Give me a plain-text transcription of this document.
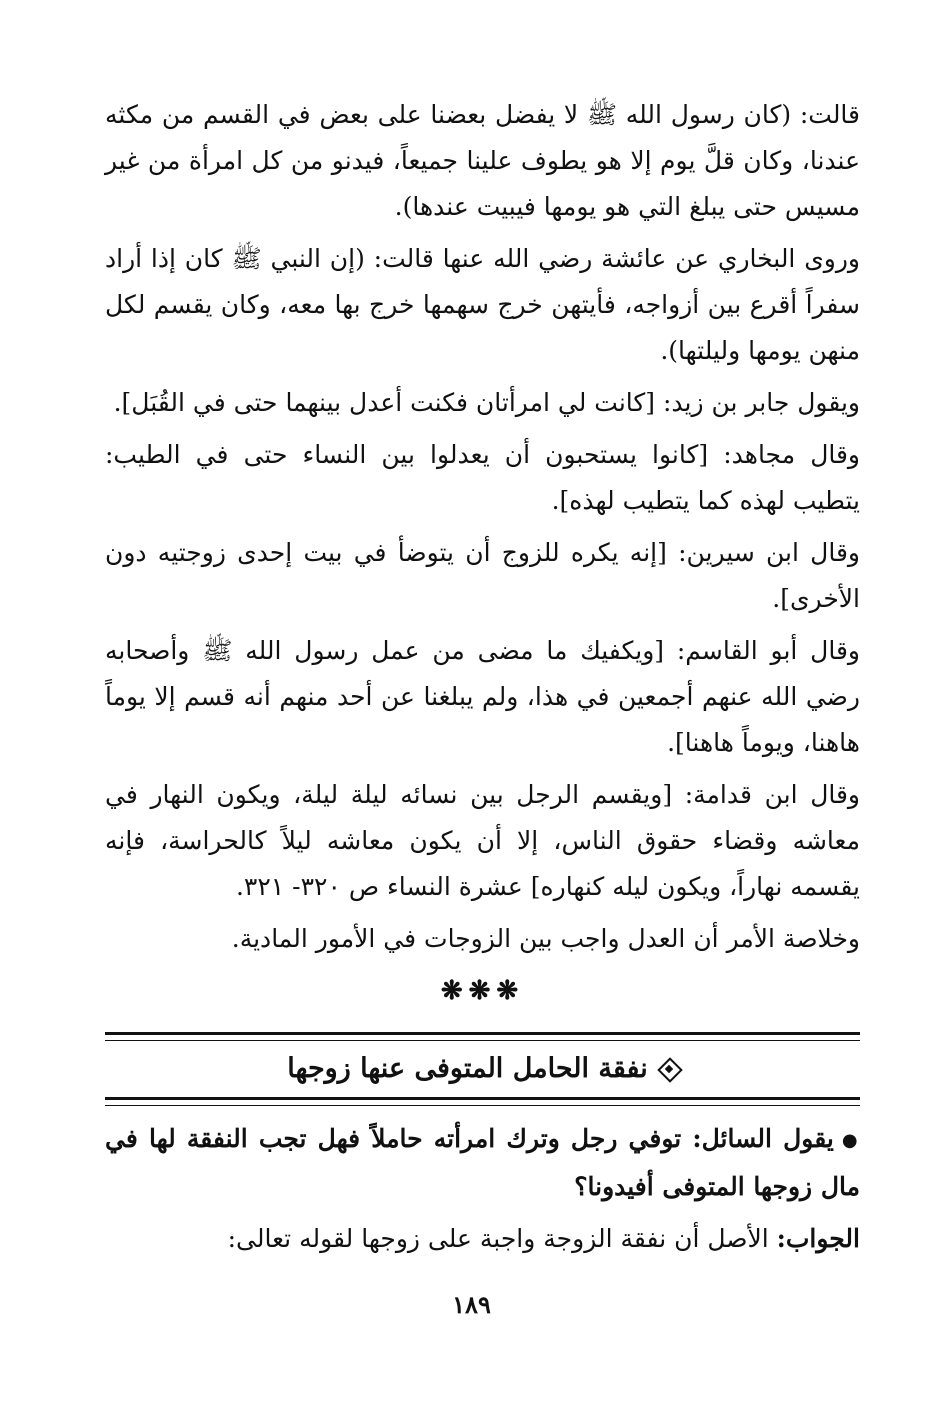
قالت: (كان رسول الله ﷺ لا يفضل بعضنا على بعض في القسم من مكثه عندنا، وكان قلَّ يوم إلا هو يطوف علينا جميعاً، فيدنو من كل امرأة من غير مسيس حتى يبلغ التي هو يومها فيبيت عندها).

وروى البخاري عن عائشة رضي الله عنها قالت: (إن النبي ﷺ كان إذا أراد سفراً أقرع بين أزواجه، فأيتهن خرج سهمها خرج بها معه، وكان يقسم لكل منهن يومها وليلتها).

ويقول جابر بن زيد: [كانت لي امرأتان فكنت أعدل بينهما حتى في القُبَل].

وقال مجاهد: [كانوا يستحبون أن يعدلوا بين النساء حتى في الطيب: يتطيب لهذه كما يتطيب لهذه].

وقال ابن سيرين: [إنه يكره للزوج أن يتوضأ في بيت إحدى زوجتيه دون الأخرى].

وقال أبو القاسم: [ويكفيك ما مضى من عمل رسول الله ﷺ وأصحابه رضي الله عنهم أجمعين في هذا، ولم يبلغنا عن أحد منهم أنه قسم إلا يوماً هاهنا، ويوماً هاهنا].

وقال ابن قدامة: [ويقسم الرجل بين نسائه ليلة ليلة، ويكون النهار في معاشه وقضاء حقوق الناس، إلا أن يكون معاشه ليلاً كالحراسة، فإنه يقسمه نهاراً، ويكون ليله كنهاره] عشرة النساء ص ٣٢٠- ٣٢١.

وخلاصة الأمر أن العدل واجب بين الزوجات في الأمور المادية.

❋❋❋
نفقة الحامل المتوفى عنها زوجها

●يقول السائل: توفي رجل وترك امرأته حاملاً فهل تجب النفقة لها في مال زوجها المتوفى أفيدونا؟

الجواب: الأصل أن نفقة الزوجة واجبة على زوجها لقوله تعالى:

١٨٩
